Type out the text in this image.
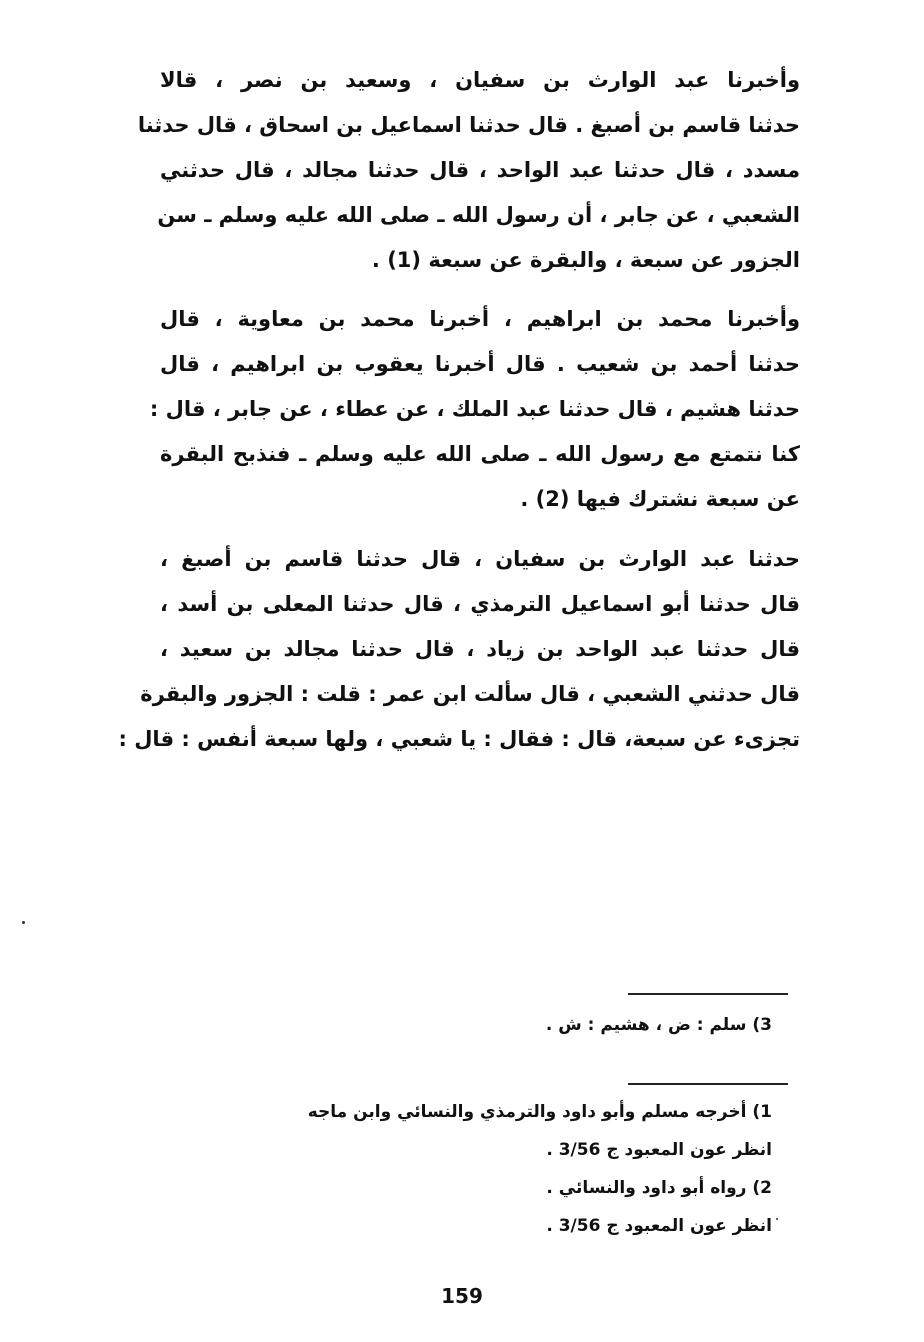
وأخبرنا عبد الوارث بن سفيان ، وسعيد بن نصر ، قالا
حدثنا قاسم بن أصبغ . قال حدثنا اسماعيل بن اسحاق ، قال حدثنا
مسدد ، قال حدثنا عبد الواحد ، قال حدثنا مجالد ، قال حدثني
الشعبي ، عن جابر ، أن رسول الله ـ صلى الله عليه وسلم ـ سن
الجزور عن سبعة ، والبقرة عن سبعة (1) .
وأخبرنا محمد بن ابراهيم ، أخبرنا محمد بن معاوية ، قال
حدثنا أحمد بن شعيب . قال أخبرنا يعقوب بن ابراهيم ، قال
حدثنا هشيم ، قال حدثنا عبد الملك ، عن عطاء ، عن جابر ، قال :
كنا نتمتع مع رسول الله ـ صلى الله عليه وسلم ـ فنذبح البقرة
عن سبعة نشترك فيها (2) .
حدثنا عبد الوارث بن سفيان ، قال حدثنا قاسم بن أصبغ ،
قال حدثنا أبو اسماعيل الترمذي ، قال حدثنا المعلى بن أسد ،
قال حدثنا عبد الواحد بن زياد ، قال حدثنا مجالد بن سعيد ،
قال حدثني الشعبي ، قال سألت ابن عمر : قلت : الجزور والبقرة
تجزىء عن سبعة، قال : فقال : يا شعبي ، ولها سبعة أنفس : قال :
3) سلم : ض ، هشيم : ش .
1) أخرجه مسلم وأبو داود والترمذي والنسائي وابن ماجه
انظر عون المعبود ج 3/56 .
2) رواه أبو داود والنسائي .
انظر عون المعبود ج 3/56 .
159
